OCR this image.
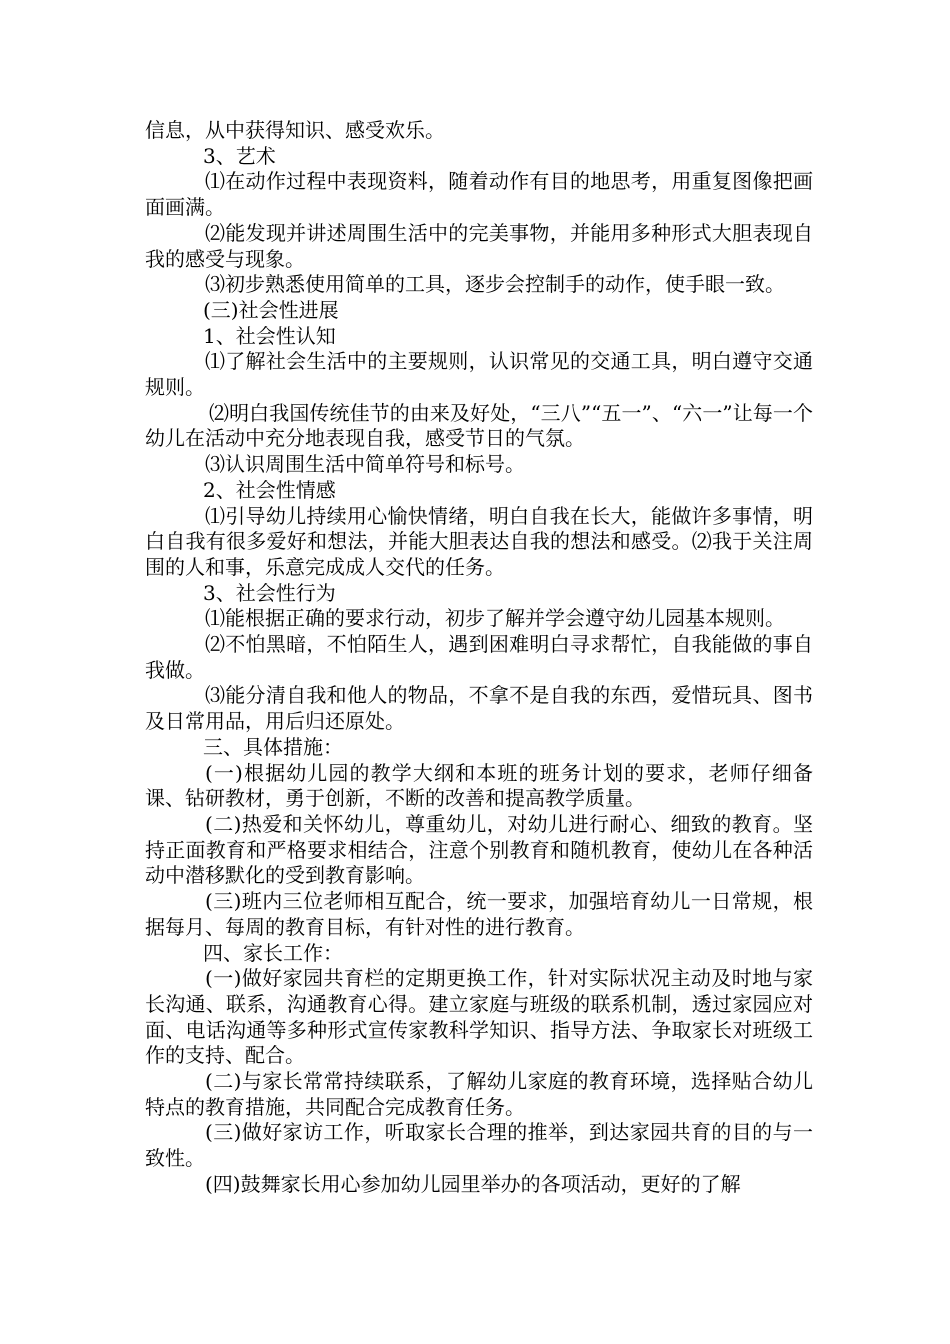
信息，从中获得知识、感受欢乐。

3、艺术

⑴在动作过程中表现资料，随着动作有目的地思考，用重复图像把画面画满。

⑵能发现并讲述周围生活中的完美事物，并能用多种形式大胆表现自我的感受与现象。

⑶初步熟悉使用简单的工具，逐步会控制手的动作，使手眼一致。

(三)社会性进展

1、社会性认知

⑴了解社会生活中的主要规则，认识常见的交通工具，明白遵守交通规则。

⑵明白我国传统佳节的由来及好处，“三八”“五一”、“六一”让每一个幼儿在活动中充分地表现自我，感受节日的气氛。

⑶认识周围生活中简单符号和标号。

2、社会性情感

⑴引导幼儿持续用心愉快情绪，明白自我在长大，能做许多事情，明白自我有很多爱好和想法，并能大胆表达自我的想法和感受。⑵我于关注周围的人和事，乐意完成成人交代的任务。

3、社会性行为

⑴能根据正确的要求行动，初步了解并学会遵守幼儿园基本规则。

⑵不怕黑暗，不怕陌生人，遇到困难明白寻求帮忙，自我能做的事自我做。

⑶能分清自我和他人的物品，不拿不是自我的东西，爱惜玩具、图书及日常用品，用后归还原处。

三、具体措施：

(一)根据幼儿园的教学大纲和本班的班务计划的要求，老师仔细备课、钻研教材，勇于创新，不断的改善和提高教学质量。

(二)热爱和关怀幼儿，尊重幼儿，对幼儿进行耐心、细致的教育。坚持正面教育和严格要求相结合，注意个别教育和随机教育，使幼儿在各种活动中潜移默化的受到教育影响。

(三)班内三位老师相互配合，统一要求，加强培育幼儿一日常规，根据每月、每周的教育目标，有针对性的进行教育。

四、家长工作：

(一)做好家园共育栏的定期更换工作，针对实际状况主动及时地与家长沟通、联系，沟通教育心得。建立家庭与班级的联系机制，透过家园应对面、电话沟通等多种形式宣传家教科学知识、指导方法、争取家长对班级工作的支持、配合。

(二)与家长常常持续联系，了解幼儿家庭的教育环境，选择贴合幼儿特点的教育措施，共同配合完成教育任务。

(三)做好家访工作，听取家长合理的推举，到达家园共育的目的与一致性。

(四)鼓舞家长用心参加幼儿园里举办的各项活动，更好的了解
